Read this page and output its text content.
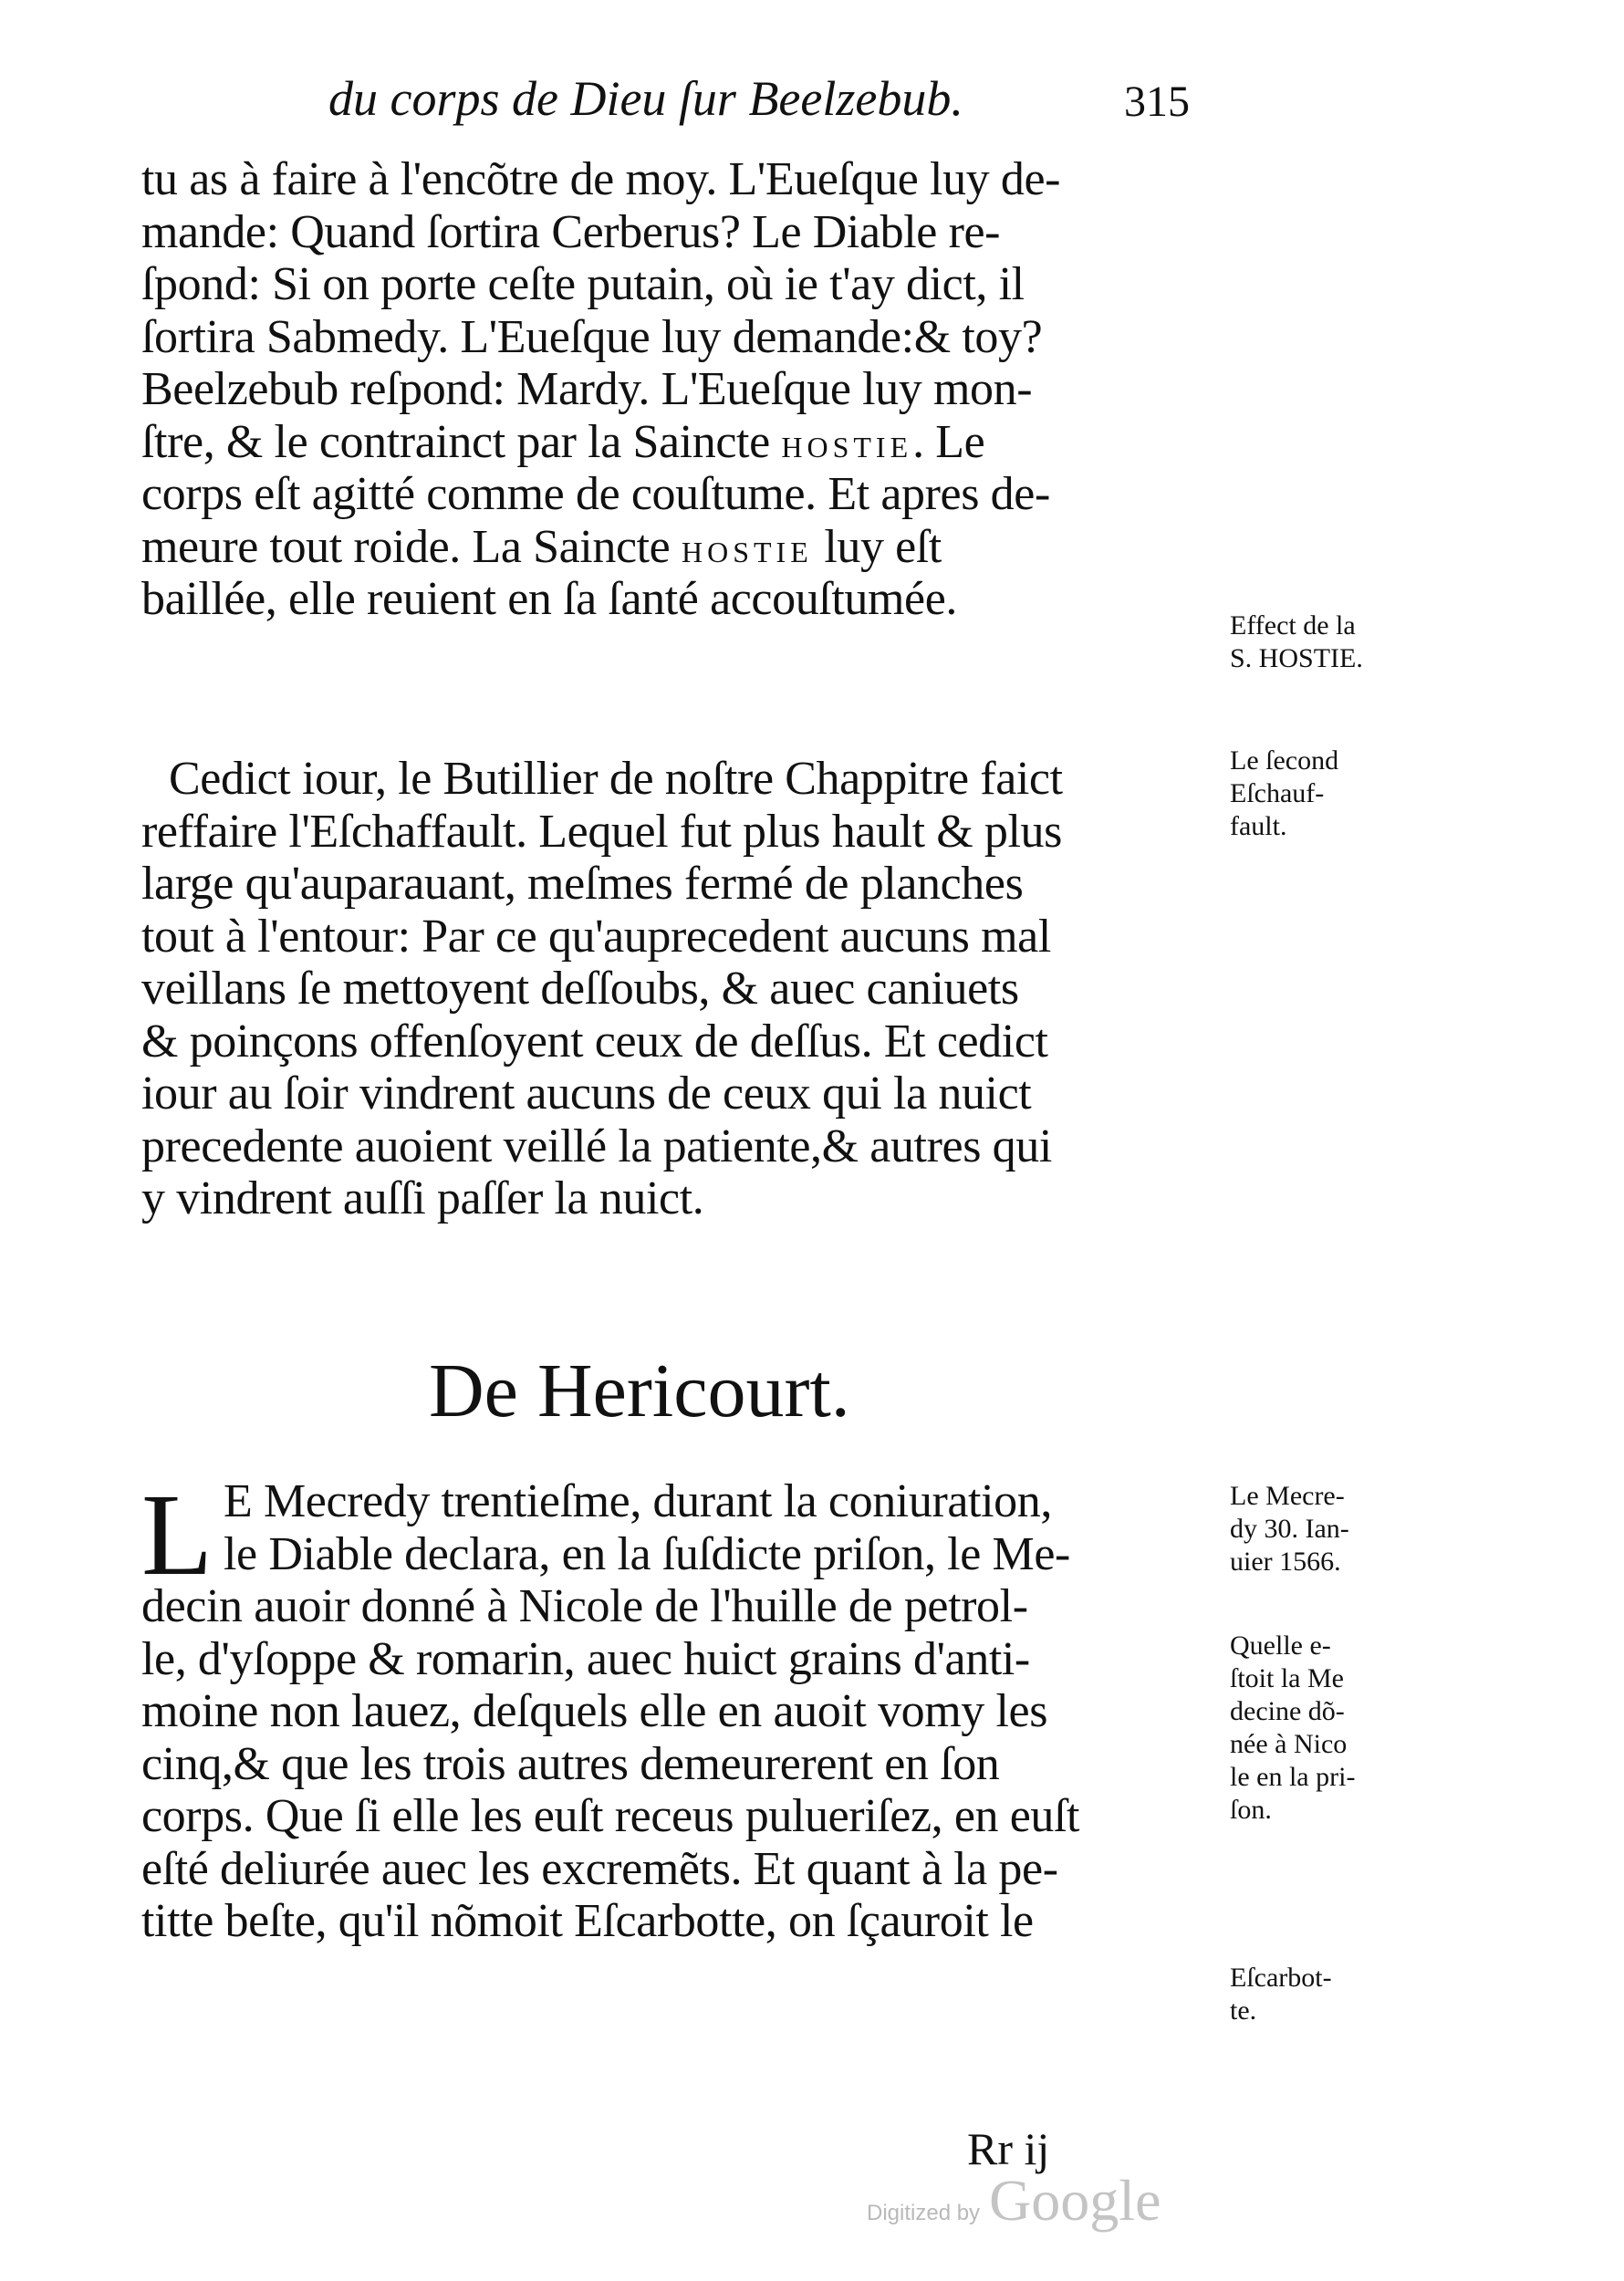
du corps de Dieu ſur Beelzebub.	315
tu as à faire à l'encõtre de moy. L'Eueſque luy de-
mande: Quand ſortira Cerberus? Le Diable re-
ſpond: Si on porte ceſte putain, où ie t'ay dict, il
ſortira Sabmedy. L'Eueſque luy demande:& toy?
Beelzebub reſpond: Mardy. L'Eueſque luy mon-
ſtre, & le contrainct par la Saincte hostie. Le
corps eſt agitté comme de couſtume. Et apres de-
meure tout roide. La Saincte hostie luy eſt
baillée, elle reuient en ſa ſanté accouſtumée.
Cedict iour, le Butillier de noſtre Chappitre faict
reffaire l'Eſchaffault. Lequel fut plus hault & plus
large qu'auparauant, meſmes fermé de planches
tout à l'entour: Par ce qu'auprecedent aucuns mal
veillans ſe mettoyent deſſoubs, & auec caniuets
& poinçons offenſoyent ceux de deſſus. Et cedict
iour au ſoir vindrent aucuns de ceux qui la nuict
precedente auoient veillé la patiente,& autres qui
y vindrent auſſi paſſer la nuict.
De Hericourt.
L E Mecredy trentieſme, durant la coniuration,
le Diable declara, en la ſuſdicte priſon, le Me-
decin auoir donné à Nicole de l'huille de petrol-
le, d'yſoppe & romarin, auec huict grains d'anti-
moine non lauez, deſquels elle en auoit vomy les
cinq,& que les trois autres demeurerent en ſon
corps. Que ſi elle les euſt receus pulueriſez, en euſt
eſté deliurée auec les excremẽts. Et quant à la pe-
titte beſte, qu'il nõmoit Eſcarbotte, on ſçauroit le
Effect de la
S. HOSTIE.
Le ſecond
Eſchauf-
fault.
Le Mecre-
dy 30. Ian-
uier 1566.
Quelle e-
ſtoit la Me
decine dõ-
née à Nico
le en la pri-
ſon.
Eſcarbot-
te.
Rr ij
Digitized by Google
